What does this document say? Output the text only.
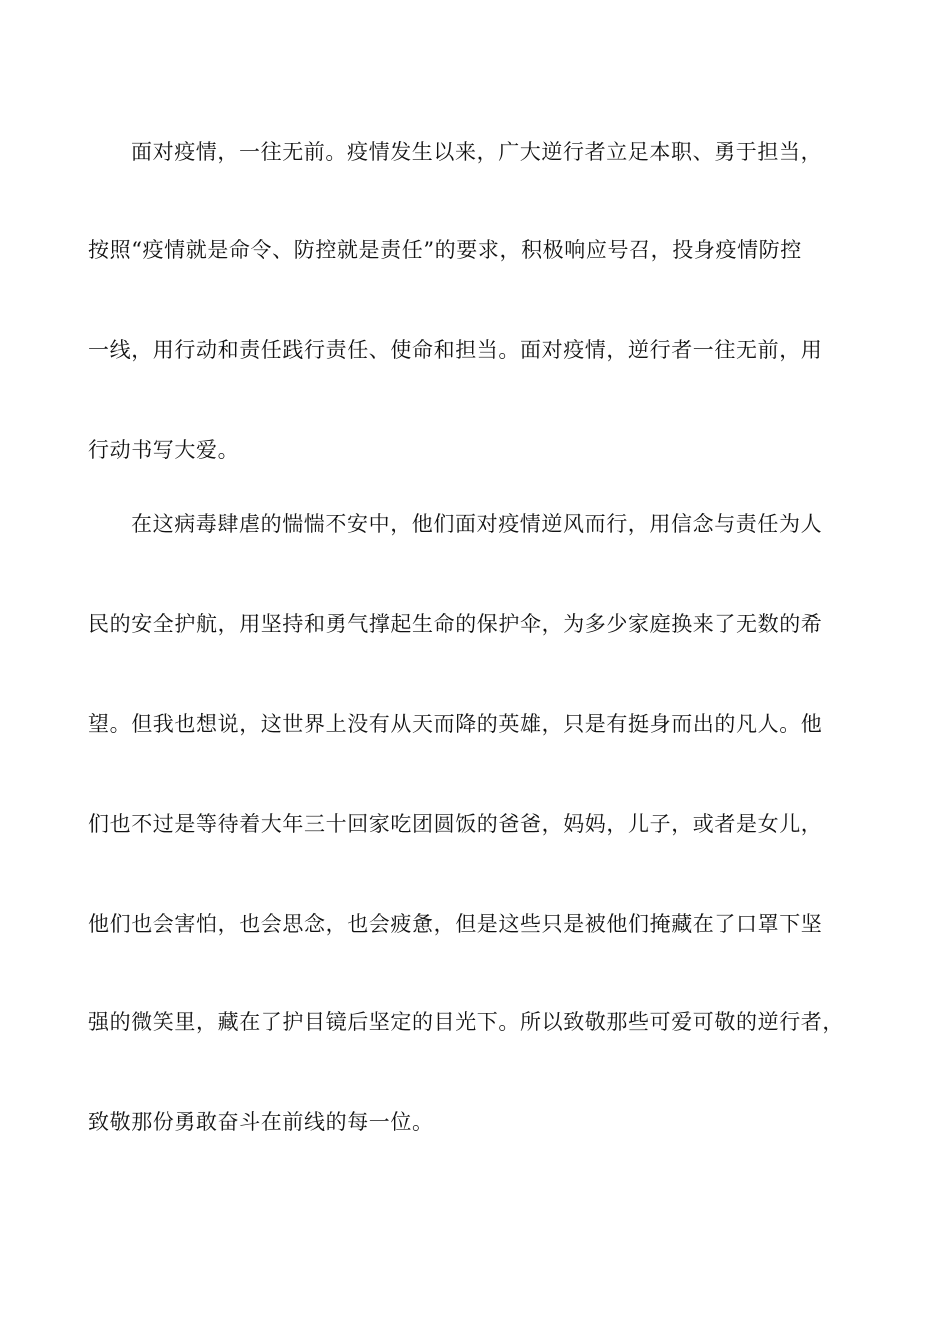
面对疫情，一往无前。疫情发生以来，广大逆行者立足本职、勇于担当，
按照“疫情就是命令、防控就是责任”的要求，积极响应号召，投身疫情防控
一线，用行动和责任践行责任、使命和担当。面对疫情，逆行者一往无前，用
行动书写大爱。
在这病毒肆虐的惴惴不安中，他们面对疫情逆风而行，用信念与责任为人
民的安全护航，用坚持和勇气撑起生命的保护伞，为多少家庭换来了无数的希
望。但我也想说，这世界上没有从天而降的英雄，只是有挺身而出的凡人。他
们也不过是等待着大年三十回家吃团圆饭的爸爸，妈妈，儿子，或者是女儿，
他们也会害怕，也会思念，也会疲惫，但是这些只是被他们掩藏在了口罩下坚
强的微笑里，藏在了护目镜后坚定的目光下。所以致敬那些可爱可敬的逆行者，
致敬那份勇敢奋斗在前线的每一位。
